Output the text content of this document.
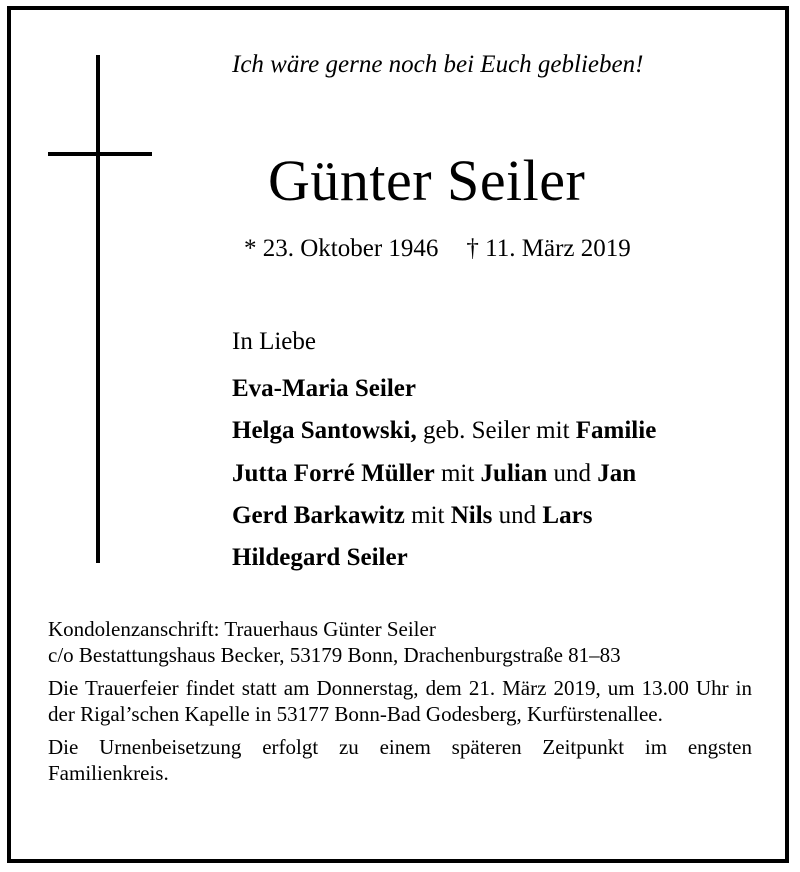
Ich wäre gerne noch bei Euch geblieben!
Günter Seiler
* 23. Oktober 1946 † 11. März 2019
In Liebe
Eva-Maria Seiler
Helga Santowski, geb. Seiler mit Familie
Jutta Forré Müller mit Julian und Jan
Gerd Barkawitz mit Nils und Lars
Hildegard Seiler

Kondolenzanschrift: Trauerhaus Günter Seiler

c/o Bestattungshaus Becker, 53179 Bonn, Drachenburgstraße 81–83

Die Trauerfeier findet statt am Donnerstag, dem 21. März 2019, um 13.00 Uhr in der Rigal’schen Kapelle in 53177 Bonn-Bad Godesberg, Kurfürstenallee.

Die Urnenbeisetzung erfolgt zu einem späteren Zeitpunkt im engsten Familienkreis.
